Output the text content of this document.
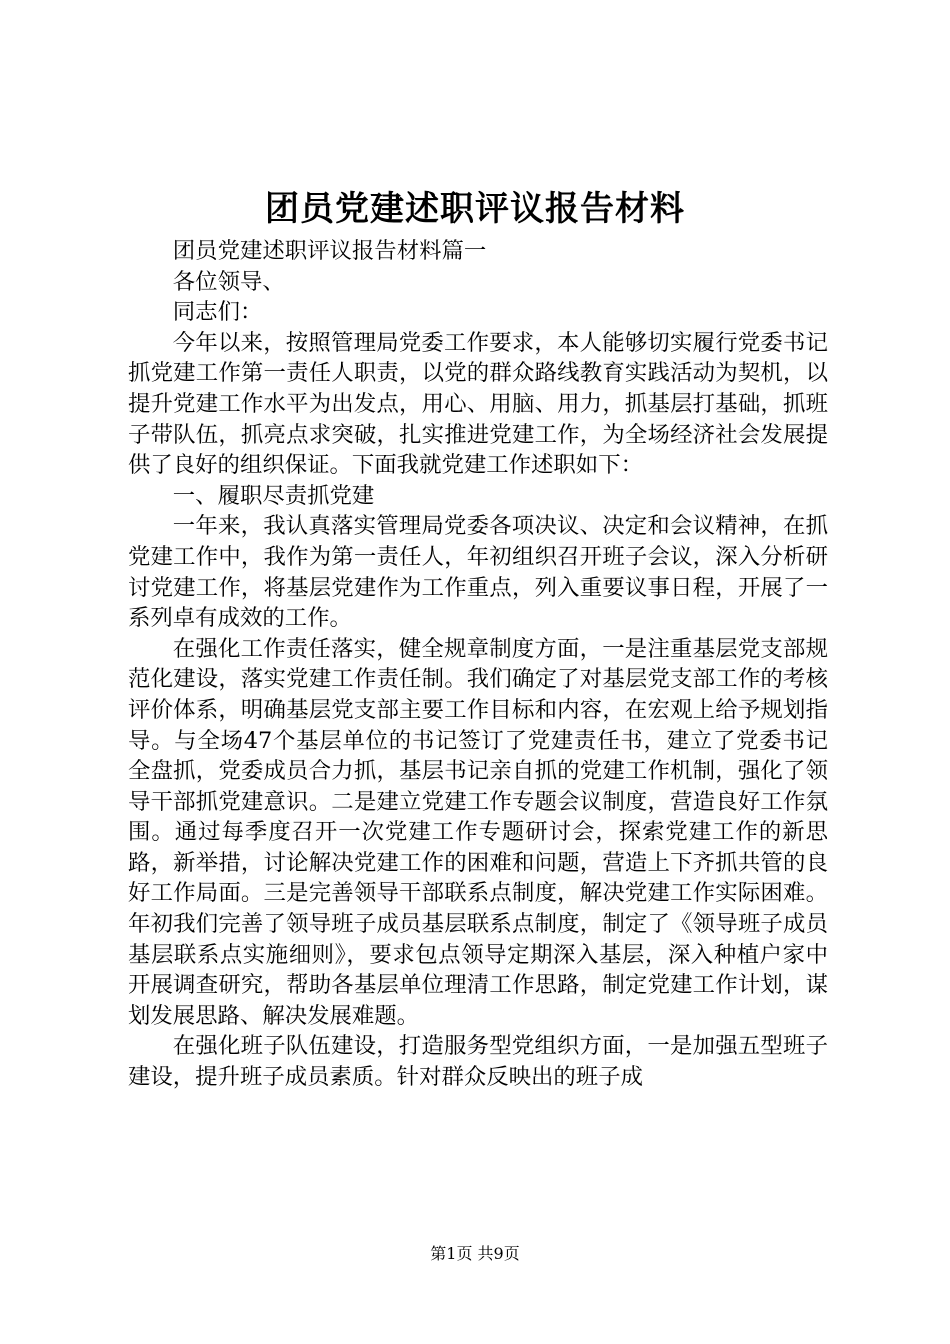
团员党建述职评议报告材料

团员党建述职评议报告材料篇一

各位领导、

同志们：

今年以来，按照管理局党委工作要求，本人能够切实履行党委书记抓党建工作第一责任人职责，以党的群众路线教育实践活动为契机，以提升党建工作水平为出发点，用心、用脑、用力，抓基层打基础，抓班子带队伍，抓亮点求突破，扎实推进党建工作，为全场经济社会发展提供了良好的组织保证。下面我就党建工作述职如下：

一、履职尽责抓党建

一年来，我认真落实管理局党委各项决议、决定和会议精神，在抓党建工作中，我作为第一责任人，年初组织召开班子会议，深入分析研讨党建工作，将基层党建作为工作重点，列入重要议事日程，开展了一系列卓有成效的工作。

在强化工作责任落实，健全规章制度方面，一是注重基层党支部规范化建设，落实党建工作责任制。我们确定了对基层党支部工作的考核评价体系，明确基层党支部主要工作目标和内容，在宏观上给予规划指导。与全场47个基层单位的书记签订了党建责任书，建立了党委书记全盘抓，党委成员合力抓，基层书记亲自抓的党建工作机制，强化了领导干部抓党建意识。二是建立党建工作专题会议制度，营造良好工作氛围。通过每季度召开一次党建工作专题研讨会，探索党建工作的新思路，新举措，讨论解决党建工作的困难和问题，营造上下齐抓共管的良好工作局面。三是完善领导干部联系点制度，解决党建工作实际困难。年初我们完善了领导班子成员基层联系点制度，制定了《领导班子成员基层联系点实施细则》，要求包点领导定期深入基层，深入种植户家中开展调查研究，帮助各基层单位理清工作思路，制定党建工作计划，谋划发展思路、解决发展难题。

在强化班子队伍建设，打造服务型党组织方面，一是加强五型班子建设，提升班子成员素质。针对群众反映出的班子成

第1页 共9页
